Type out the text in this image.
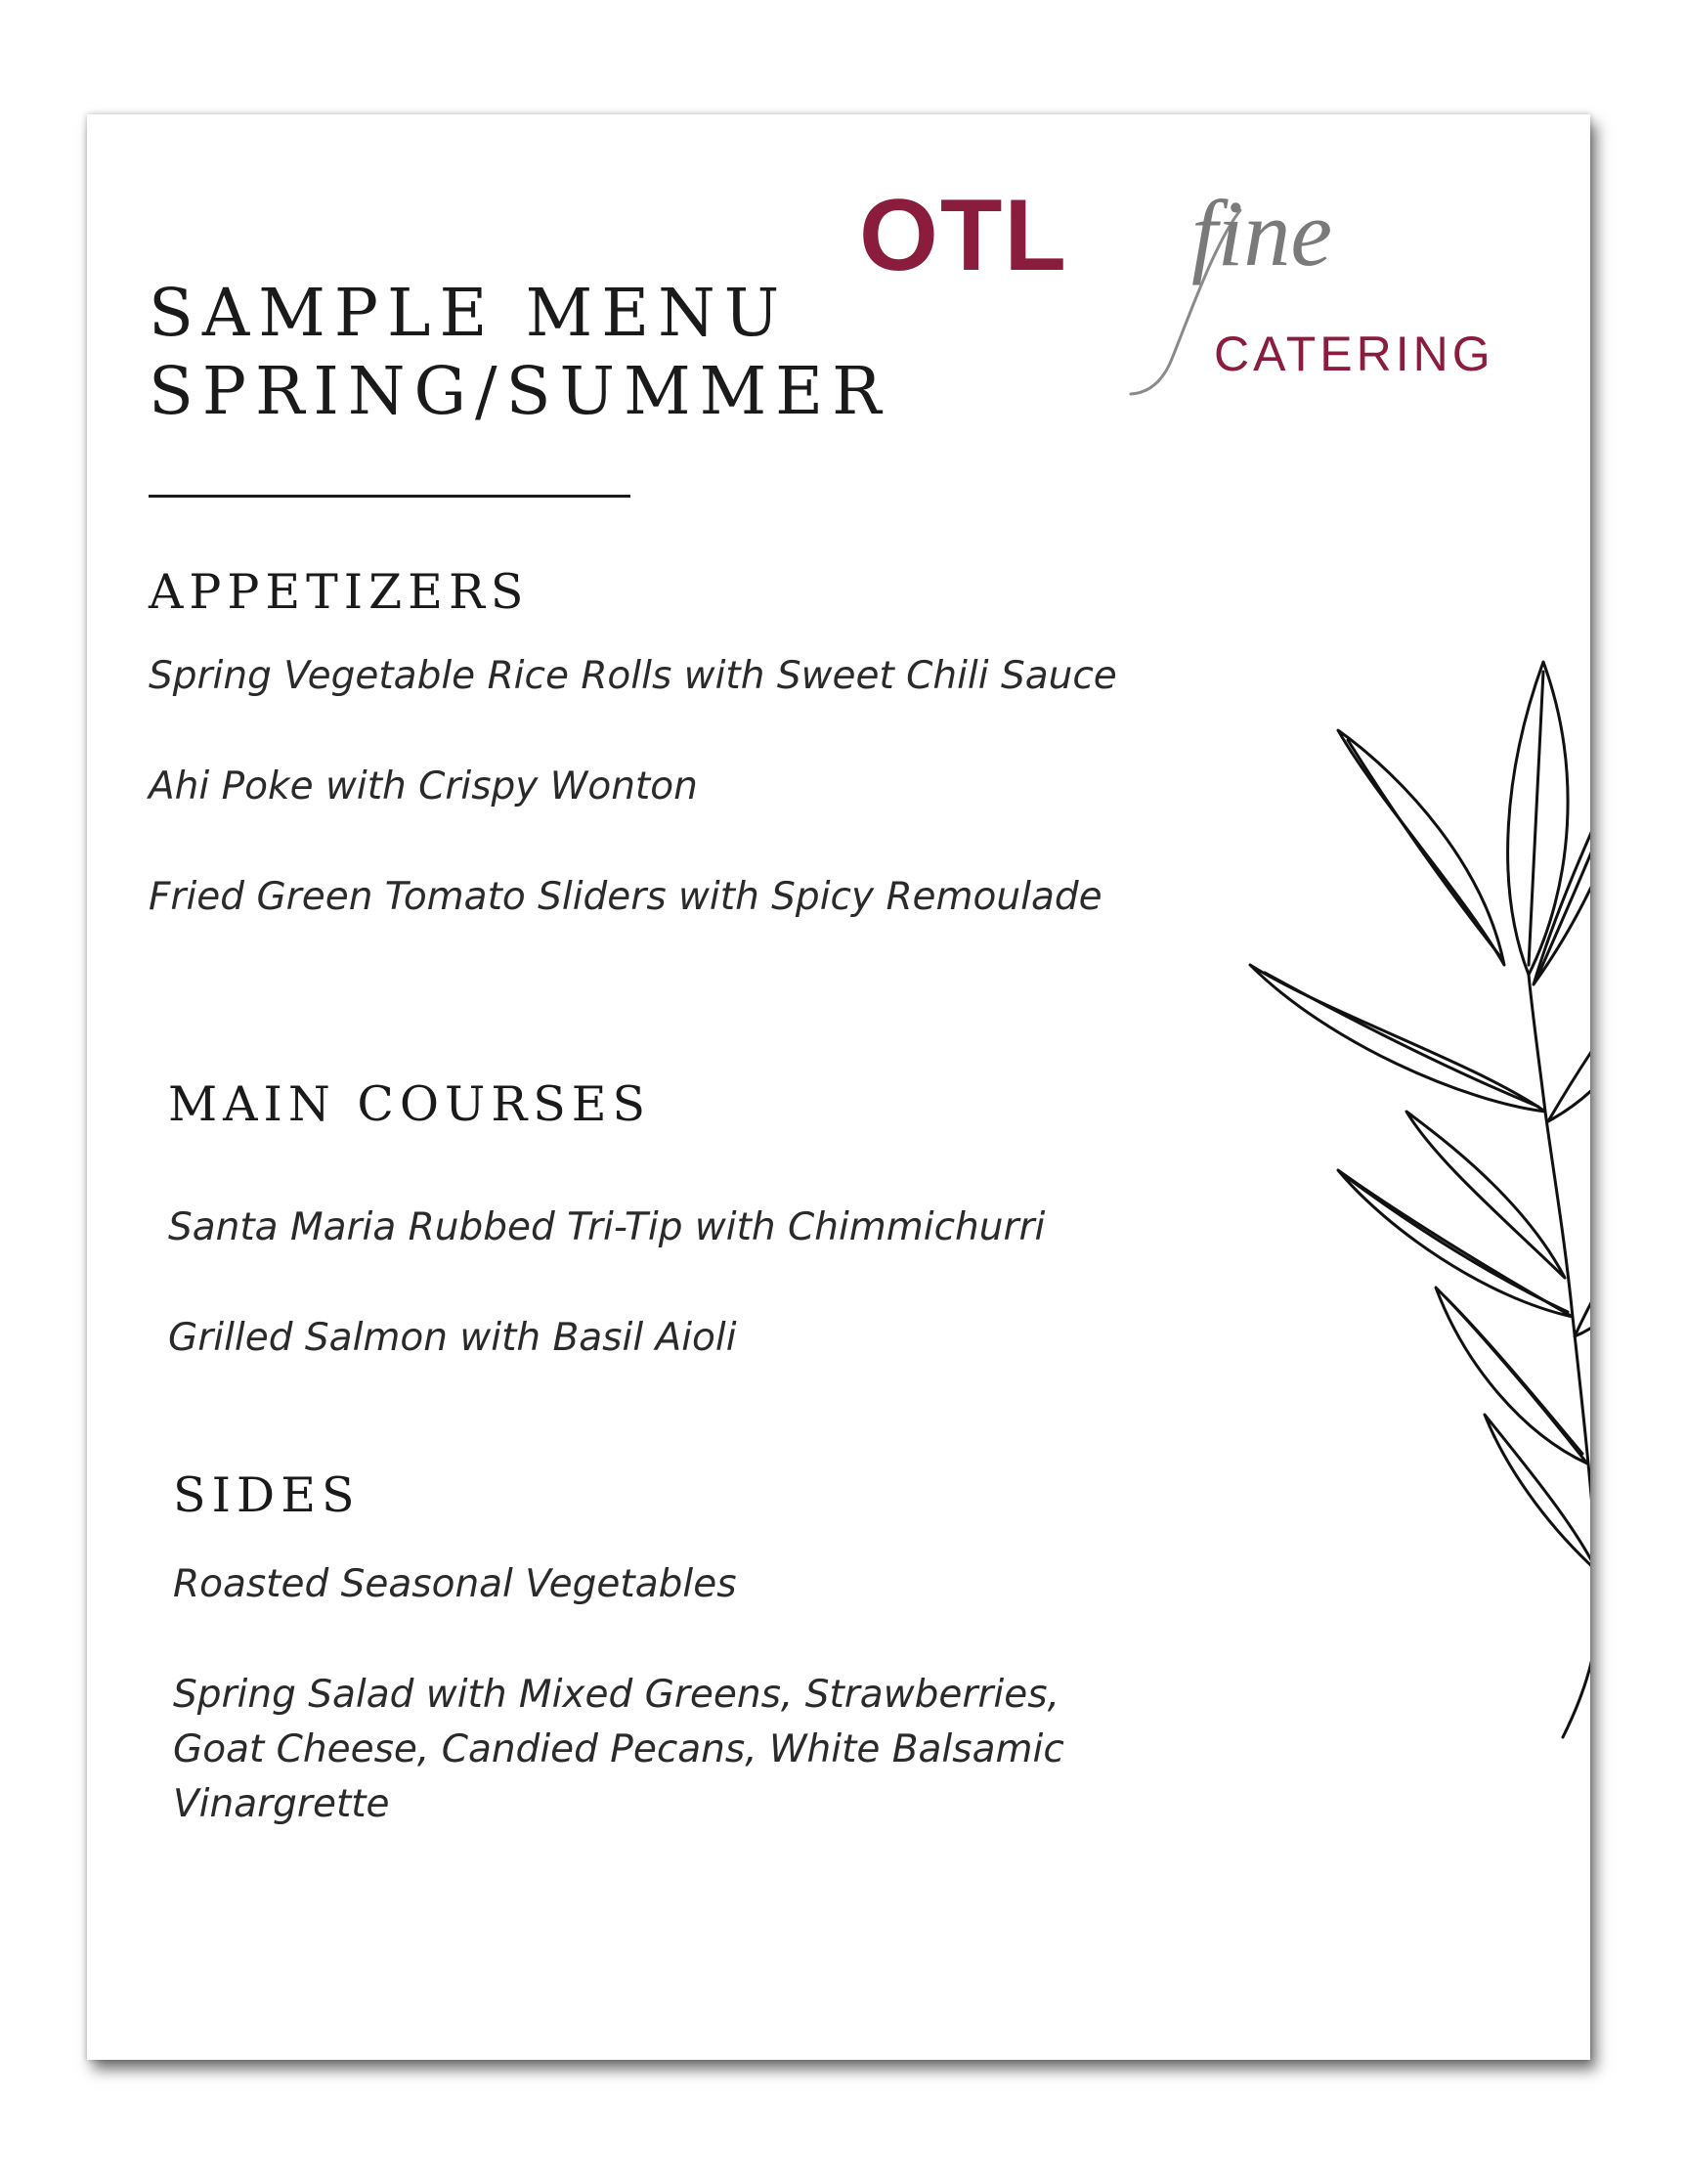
OTL fine
CATERING
SAMPLE MENU
SPRING/SUMMER
APPETIZERS

Spring Vegetable Rice Rolls with Sweet Chili Sauce

Ahi Poke with Crispy Wonton

Fried Green Tomato Sliders with Spicy Remoulade

MAIN COURSES

Santa Maria Rubbed Tri-Tip with Chimmichurri

Grilled Salmon with Basil Aioli

SIDES

Roasted Seasonal Vegetables

Spring Salad with Mixed Greens, Strawberries,

Goat Cheese, Candied Pecans, White Balsamic

Vinargrette
